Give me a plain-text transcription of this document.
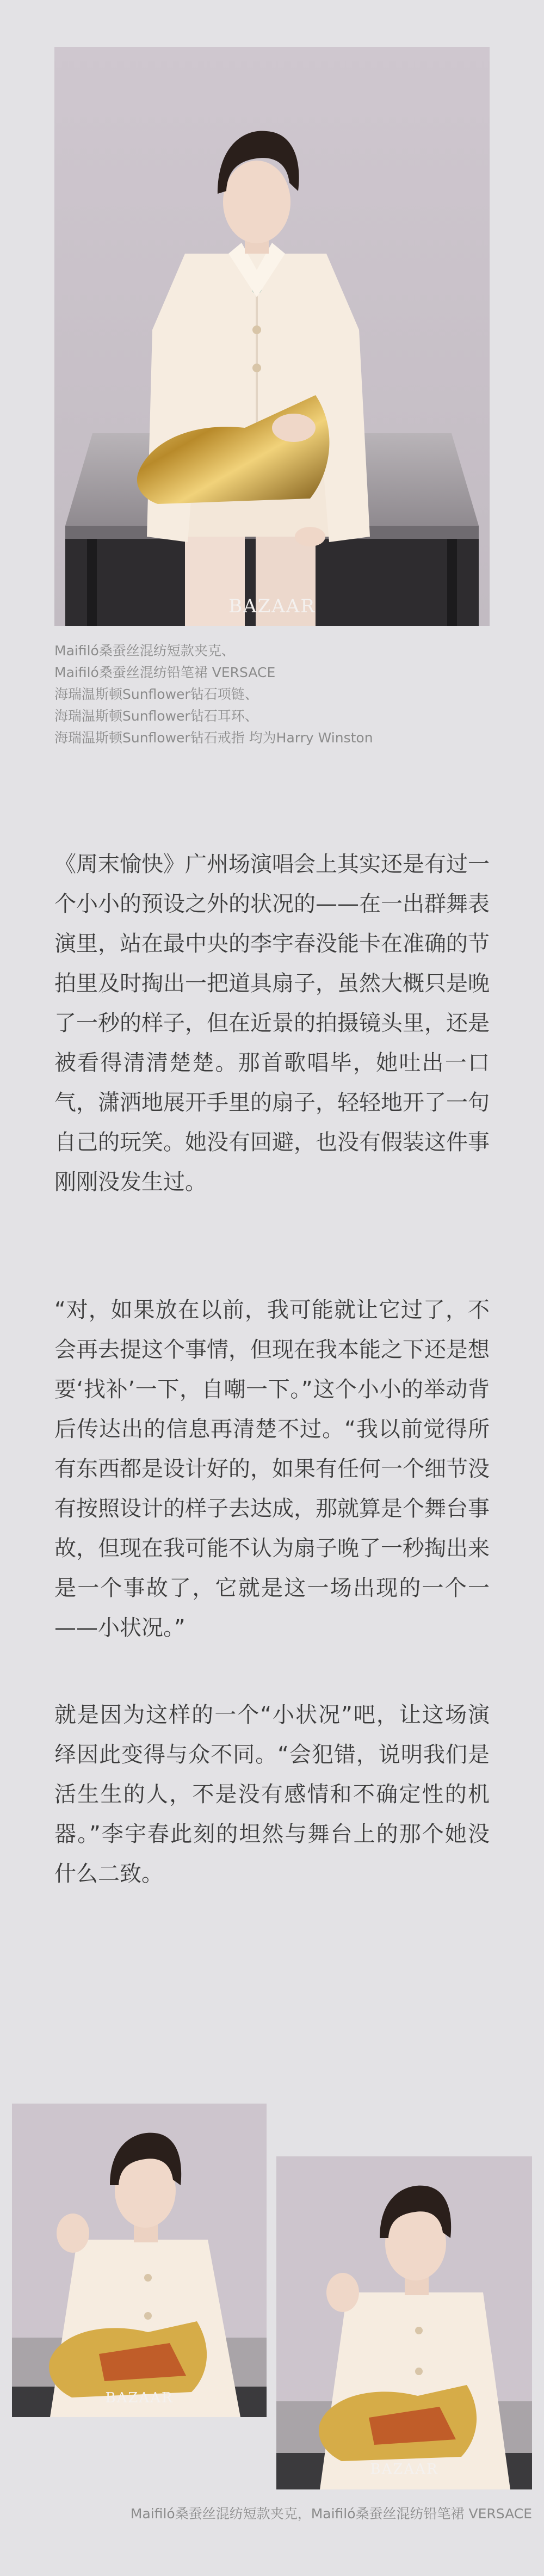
BAZAAR
Maifiló桑蚕丝混纺短款夹克、
Maifiló桑蚕丝混纺铅笔裙 VERSACE
海瑞温斯顿Sunflower钻石项链、
海瑞温斯顿Sunflower钻石耳环、
海瑞温斯顿Sunflower钻石戒指 均为Harry Winston
《周末愉快》广州场演唱会上其实还是有过一个小小的预设之外的状况的——在一出群舞表演里，站在最中央的李宇春没能卡在准确的节拍里及时掏出一把道具扇子，虽然大概只是晚了一秒的样子，但在近景的拍摄镜头里，还是被看得清清楚楚。那首歌唱毕，她吐出一口气，潇洒地展开手里的扇子，轻轻地开了一句自己的玩笑。她没有回避，也没有假装这件事刚刚没发生过。
“对，如果放在以前，我可能就让它过了，不会再去提这个事情，但现在我本能之下还是想要‘找补’一下，自嘲一下。”这个小小的举动背后传达出的信息再清楚不过。“我以前觉得所有东西都是设计好的，如果有任何一个细节没有按照设计的样子去达成，那就算是个舞台事故，但现在我可能不认为扇子晚了一秒掏出来是一个事故了，它就是这一场出现的一个一——小状况。”
就是因为这样的一个“小状况”吧，让这场演绎因此变得与众不同。“会犯错，说明我们是活生生的人，不是没有感情和不确定性的机器。”李宇春此刻的坦然与舞台上的那个她没什么二致。
BAZAAR
BAZAAR
Maifiló桑蚕丝混纺短款夹克，Maifiló桑蚕丝混纺铅笔裙 VERSACE
